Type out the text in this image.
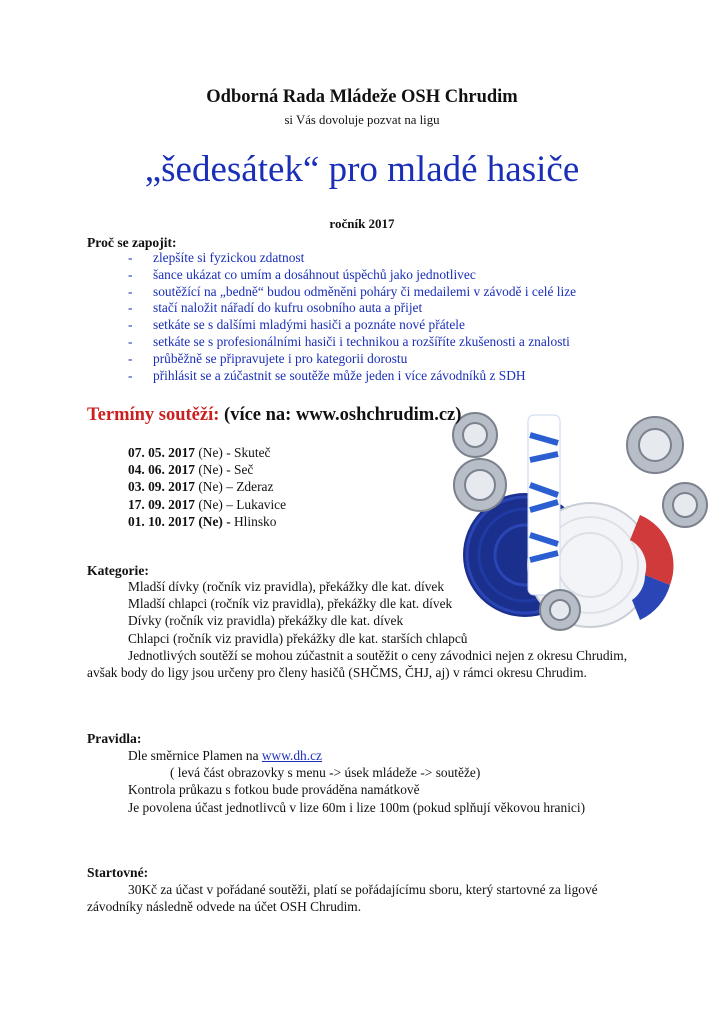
Odborná Rada Mládeže OSH Chrudim
si Vás dovoluje pozvat na ligu
„šedesátek“ pro mladé hasiče
ročník 2017
Proč se zapojit:
- zlepšíte si fyzickou zdatnost
- šance ukázat co umím a dosáhnout úspěchů jako jednotlivec
- soutěžící na „bedně“ budou odměněni poháry či medailemi v závodě i celé lize
- stačí naložit nářadí do kufru osobního auta a přijet
- setkáte se s dalšími mladými hasiči a poznáte nové přátele
- setkáte se s profesionálními hasiči i technikou a rozšíříte zkušenosti a znalosti
- průběžně se připravujete i pro kategorii dorostu
- přihlásit se a zúčastnit se soutěže může jeden i více závodníků z SDH
Termíny soutěží: (více na: www.oshchrudim.cz)
07. 05. 2017 (Ne) - Skuteč
04. 06. 2017 (Ne) - Seč
03. 09. 2017 (Ne) – Zderaz
17. 09. 2017 (Ne) – Lukavice
01. 10. 2017 (Ne) - Hlinsko
Kategorie:
Mladší dívky (ročník viz pravidla), překážky dle kat. dívek
Mladší chlapci (ročník viz pravidla), překážky dle kat. dívek
Dívky (ročník viz pravidla) překážky dle kat. dívek
Chlapci (ročník viz pravidla) překážky dle kat. starších chlapců
Jednotlivých soutěží se mohou zúčastnit a soutěžit o ceny závodnici nejen z okresu Chrudim, avšak body do ligy jsou určeny pro členy hasičů (SHČMS, ČHJ, aj) v rámci okresu Chrudim.
Pravidla:
Dle směrnice Plamen na www.dh.cz
( levá část obrazovky s menu -> úsek mládeže -> soutěže)
Kontrola průkazu s fotkou bude prováděna namátkově
Je povolena účast jednotlivců v lize 60m i lize 100m (pokud splňují věkovou hranici)
Startovné:
30Kč za účast v pořádané soutěži, platí se pořádajícímu sboru, který startovné za ligové závodníky následně odvede na účet OSH Chrudim.
